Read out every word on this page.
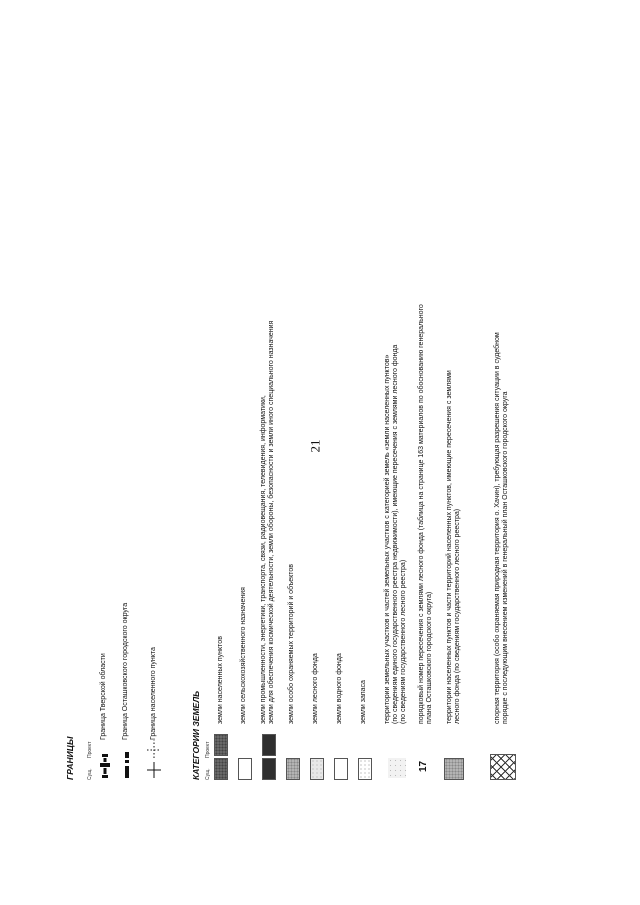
21
ГРАНИЦЫ Сущ.
Проект
Граница Тверской области Граница Осташковского городского округа	Граница населенного пункта	КАТЕГОРИИ ЗЕМЕЛЬ Сущ.
Проект
земли населенных пунктов земли сельскохозяйственного назначения земли промышленности, энергетики, транспорта, связи, радиовещания, телевидения, информатики, земли для обеспечения космической деятельности, земли обороны, безопасности и земли иного специального назначения земли особо охраняемых территорий и объектов земли лесного фонда земли водного фонда земли запаса территории земельных участков и частей земельных участков с категорией земель «земли населенных пунктов» (по сведениям единого государственного реестра недвижимости), имеющие пересечения с землями лесного фонда (по сведениям государственного лесного реестра)
17
порядковый номер пересечения с землями лесного фонда (таблица на странице 163 материалов по обоснованию генерального плана Осташковского городского округа) территории населенных пунктов и части территорий населенных пунктов, имеющие пересечения с землями лесного фонда (по сведениям государственного лесного реестра)	спорная территория (особо охраняемая природная территория о. Хачин), требующая разрешения ситуации в судебном порядке с последующим внесением изменений в генеральный план Осташковского городского округа
